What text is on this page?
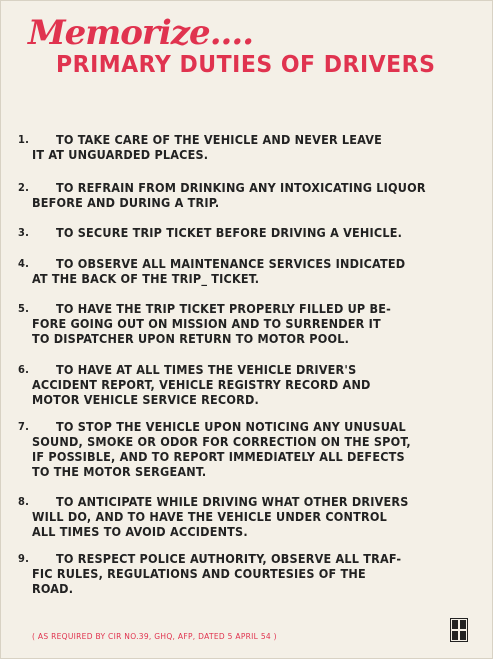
Memorize....
PRIMARY DUTIES OF DRIVERS
1.	TO TAKE CARE OF THE VEHICLE AND NEVER LEAVE
IT AT UNGUARDED PLACES.
2.	TO REFRAIN FROM DRINKING ANY INTOXICATING LIQUOR
BEFORE AND DURING A TRIP.
3.	TO SECURE TRIP TICKET BEFORE DRIVING A VEHICLE.
4.	TO OBSERVE ALL MAINTENANCE SERVICES INDICATED
AT THE BACK OF THE TRIP_ TICKET.
5.	TO HAVE THE TRIP TICKET PROPERLY FILLED UP BE-
FORE GOING OUT ON MISSION AND TO SURRENDER IT
TO DISPATCHER UPON RETURN TO MOTOR POOL.
6.	TO HAVE AT ALL TIMES THE VEHICLE DRIVER'S
ACCIDENT REPORT, VEHICLE REGISTRY RECORD AND
MOTOR VEHICLE SERVICE RECORD.
7.	TO STOP THE VEHICLE UPON NOTICING ANY UNUSUAL
SOUND, SMOKE OR ODOR FOR CORRECTION ON THE SPOT,
IF POSSIBLE, AND TO REPORT IMMEDIATELY ALL DEFECTS
TO THE MOTOR SERGEANT.
8.	TO ANTICIPATE WHILE DRIVING WHAT OTHER DRIVERS
WILL DO, AND TO HAVE THE VEHICLE UNDER CONTROL
ALL TIMES TO AVOID ACCIDENTS.
9.	TO RESPECT POLICE AUTHORITY, OBSERVE ALL TRAF-
FIC RULES, REGULATIONS AND COURTESIES OF THE
ROAD.
( AS REQUIRED BY CIR NO.39, GHQ, AFP, DATED 5 APRIL 54 )
